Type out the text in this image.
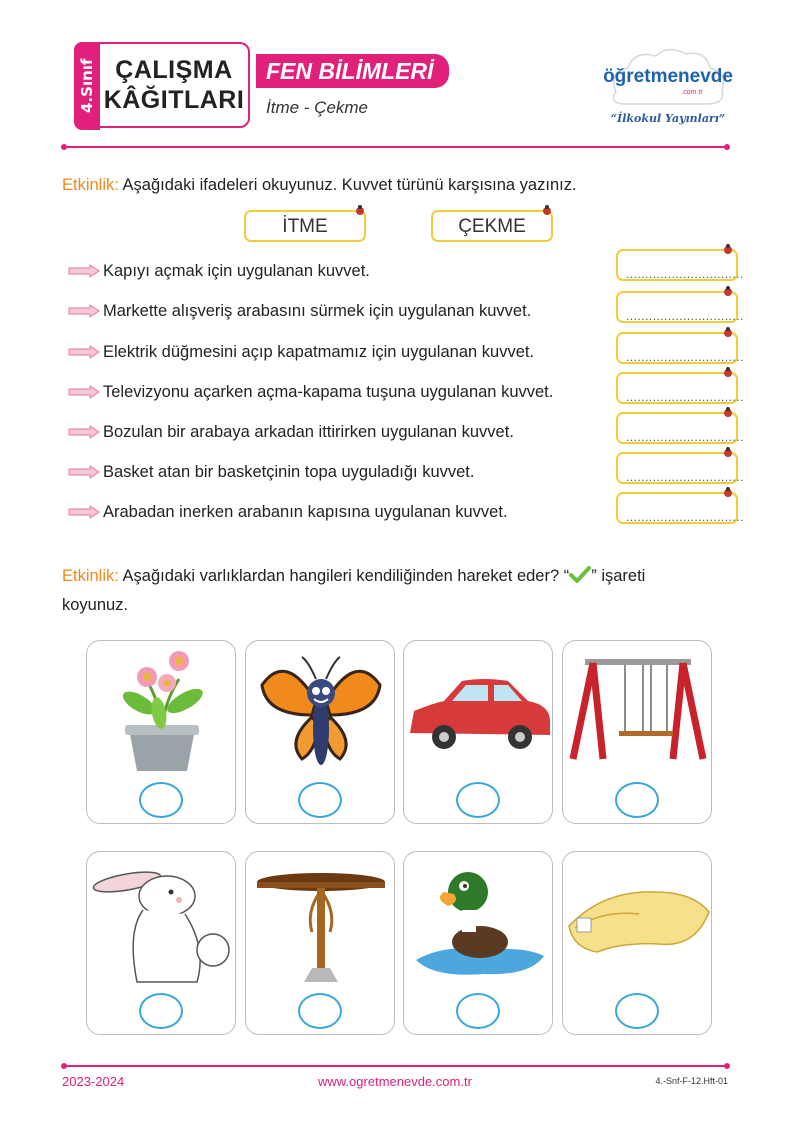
4.Sınıf ÇALIŞMA
KÂĞITLARI
FEN BİLİMLERİ
İtme - Çekme
öğretmenevde
.com.tr
“İlkokul Yayınları”
Etkinlik: Aşağıdaki ifadeleri okuyunuz. Kuvvet türünü karşısına yazınız.
İTME	ÇEKME
Kapıyı açmak için uygulanan kuvvet.	...............................
Markette alışveriş arabasını sürmek için uygulanan kuvvet.	...............................
Elektrik düğmesini açıp kapatmamız için uygulanan kuvvet.	...............................
Televizyonu açarken açma-kapama tuşuna uygulanan kuvvet.	...............................
Bozulan bir arabaya arkadan ittirirken uygulanan kuvvet.	...............................
Basket atan bir basketçinin topa uyguladığı kuvvet.	...............................
Arabadan inerken arabanın kapısına uygulanan kuvvet.	...............................
Etkinlik: Aşağıdaki varlıklardan hangileri kendiliğinden hareket eder? “ ” işareti
koyunuz.
2023-2024	www.ogretmenevde.com.tr	4.-Snf-F-12.Hft-01
